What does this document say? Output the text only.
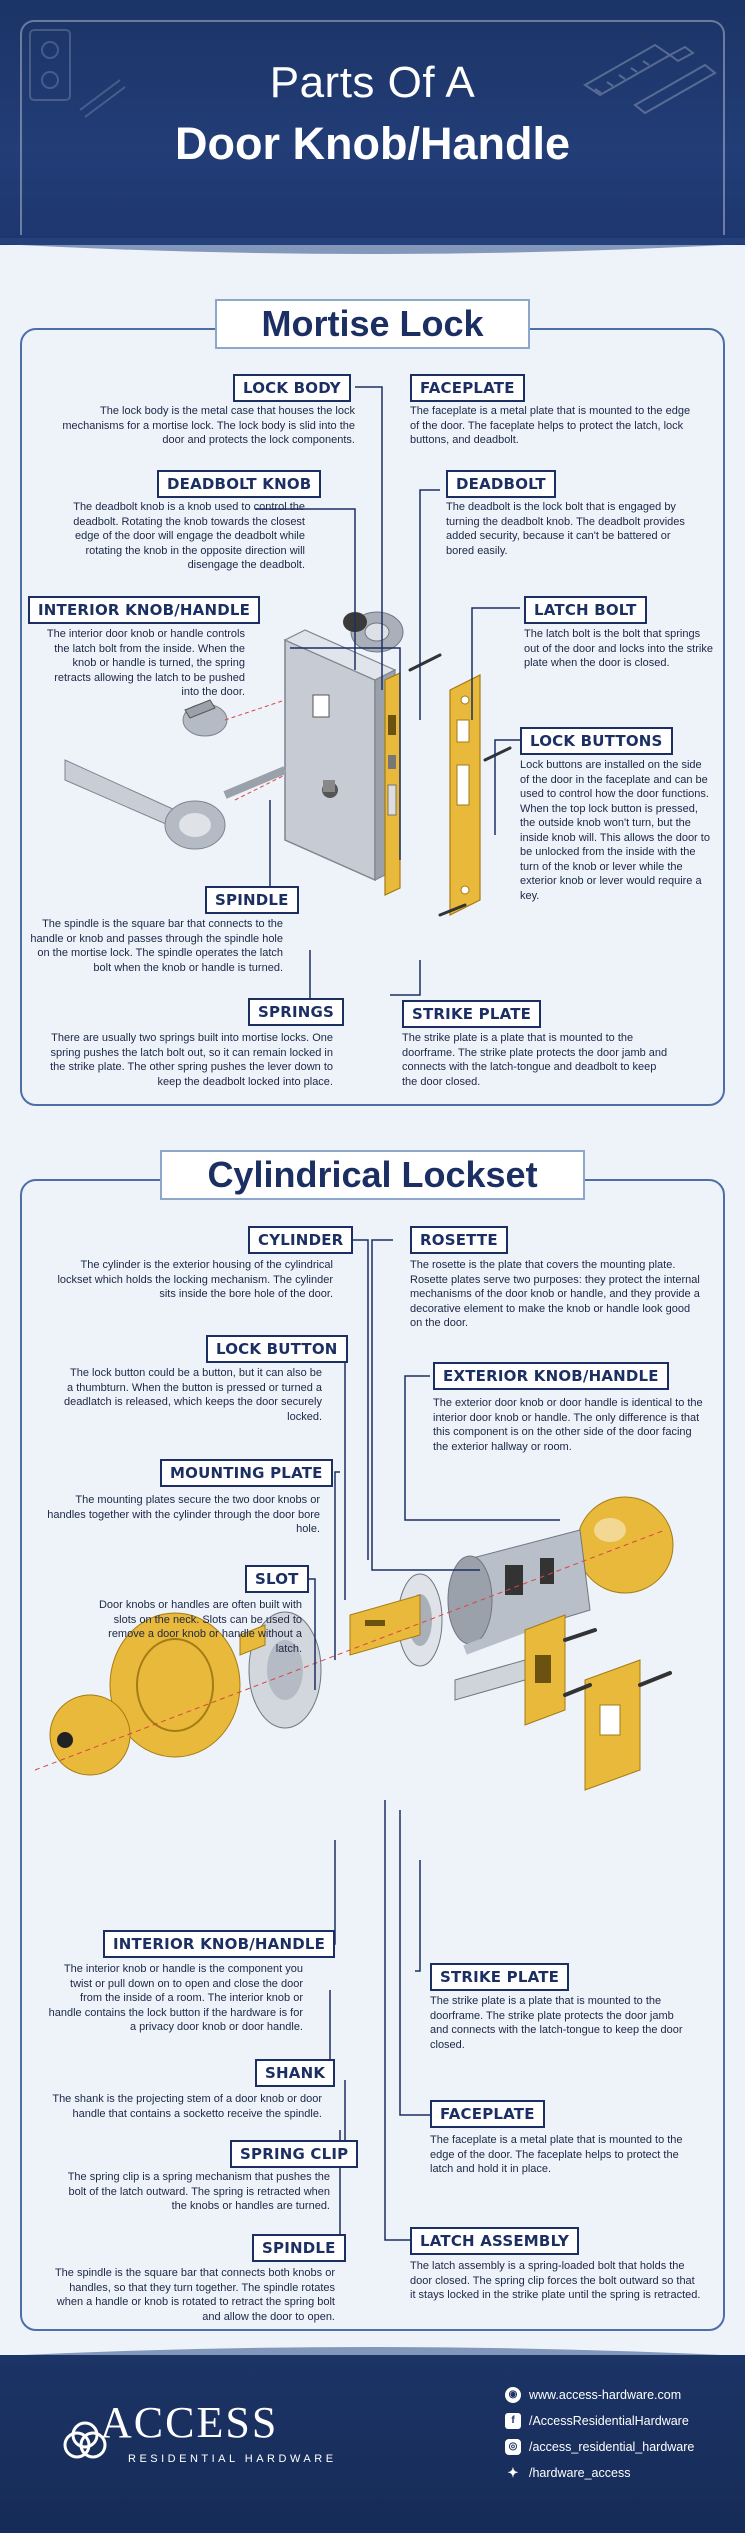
Parts Of A
Door Knob/Handle
Mortise Lock
LOCK BODY
The lock body is the metal case that houses the lock mechanisms for a mortise lock. The lock body is slid into the door and protects the lock components.
FACEPLATE
The faceplate is a metal plate that is mounted to the edge of the door. The faceplate helps to protect the latch, lock buttons, and deadbolt.
DEADBOLT KNOB
The deadbolt knob is a knob used to control the deadbolt. Rotating the knob towards the closest edge of the door will engage the deadbolt while rotating the knob in the opposite direction will disengage the deadbolt.
DEADBOLT
The deadbolt is the lock bolt that is engaged by turning the deadbolt knob. The deadbolt provides added security, because it can't be battered or bored easily.
INTERIOR KNOB/HANDLE
The interior door knob or handle controls the latch bolt from the inside. When the knob or handle is turned, the spring retracts allowing the latch to be pushed into the door.
LATCH BOLT
The latch bolt is the bolt that springs out of the door and locks into the strike plate when the door is closed.
LOCK BUTTONS
Lock buttons are installed on the side of the door in the faceplate and can be used to control how the door functions. When the top lock button is pressed, the outside knob won't turn, but the inside knob will. This allows the door to be unlocked from the inside with the turn of the knob or lever while the exterior knob or lever would require a key.
SPINDLE
The spindle is the square bar that connects to the handle or knob and passes through the spindle hole on the mortise lock. The spindle operates the latch bolt when the knob or handle is turned.
SPRINGS
There are usually two springs built into mortise locks. One spring pushes the latch bolt out, so it can remain locked in the strike plate. The other spring pushes the lever down to keep the deadbolt locked into place.
STRIKE PLATE
The strike plate is a plate that is mounted to the doorframe. The strike plate protects the door jamb and connects with the latch-tongue and deadbolt to keep the door closed.
Cylindrical Lockset
CYLINDER
The cylinder is the exterior housing of the cylindrical lockset which holds the locking mechanism. The cylinder sits inside the bore hole of the door.
ROSETTE
The rosette is the plate that covers the mounting plate. Rosette plates serve two purposes: they protect the internal mechanisms of the door knob or handle, and they provide a decorative element to make the knob or handle look good on the door.
LOCK BUTTON
The lock button could be a button, but it can also be a thumbturn. When the button is pressed or turned a deadlatch is released, which keeps the door securely locked.
EXTERIOR KNOB/HANDLE
The exterior door knob or door handle is identical to the interior door knob or handle. The only difference is that this component is on the other side of the door facing the exterior hallway or room.
MOUNTING PLATE
The mounting plates secure the two door knobs or handles together with the cylinder through the door bore hole.
SLOT
Door knobs or handles are often built with slots on the neck. Slots can be used to remove a door knob or handle without a latch.
INTERIOR KNOB/HANDLE
The interior knob or handle is the component you twist or pull down on to open and close the door from the inside of a room. The interior knob or handle contains the lock button if the hardware is for a privacy door knob or door handle.
STRIKE PLATE
The strike plate is a plate that is mounted to the doorframe. The strike plate protects the door jamb and connects with the latch-tongue to keep the door closed.
SHANK
The shank is the projecting stem of a door knob or door handle that contains a socketto receive the spindle.	FACEPLATE
The faceplate is a metal plate that is mounted to the edge of the door. The faceplate helps to protect the latch and hold it in place.
SPRING CLIP
The spring clip is a spring mechanism that pushes the bolt of the latch outward. The spring is retracted when the knobs or handles are turned.
LATCH ASSEMBLY
The latch assembly is a spring-loaded bolt that holds the door closed. The spring clip forces the bolt outward so that it stays locked in the strike plate until the spring is retracted.
SPINDLE
The spindle is the square bar that connects both knobs or handles, so that they turn together. The spindle rotates when a handle or knob is rotated to retract the spring bolt and allow the door to open.
ACCESS
RESIDENTIAL HARDWARE
◉ www.access-hardware.com
f /AccessResidentialHardware
◎ /access_residential_hardware
✦ /hardware_access
